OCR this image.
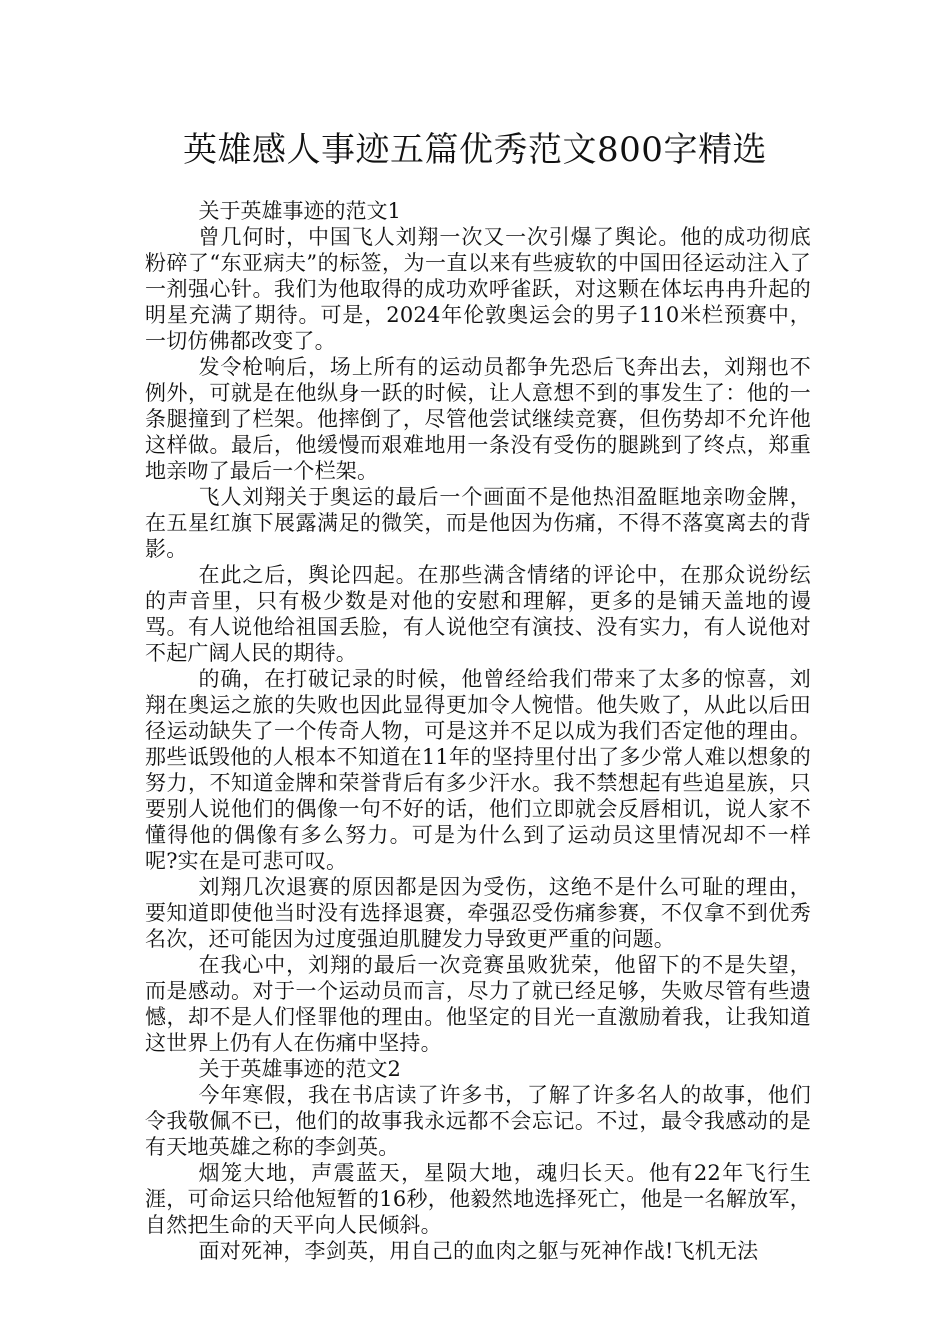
英雄感人事迹五篇优秀范文800字精选

关于英雄事迹的范文1

曾几何时，中国飞人刘翔一次又一次引爆了舆论。他的成功彻底粉碎了“东亚病夫”的标签，为一直以来有些疲软的中国田径运动注入了一剂强心针。我们为他取得的成功欢呼雀跃，对这颗在体坛冉冉升起的明星充满了期待。可是，2024年伦敦奥运会的男子110米栏预赛中，一切仿佛都改变了。

发令枪响后，场上所有的运动员都争先恐后飞奔出去，刘翔也不例外，可就是在他纵身一跃的时候，让人意想不到的事发生了：他的一条腿撞到了栏架。他摔倒了，尽管他尝试继续竞赛，但伤势却不允许他这样做。最后，他缓慢而艰难地用一条没有受伤的腿跳到了终点，郑重地亲吻了最后一个栏架。

飞人刘翔关于奥运的最后一个画面不是他热泪盈眶地亲吻金牌，在五星红旗下展露满足的微笑，而是他因为伤痛，不得不落寞离去的背影。

在此之后，舆论四起。在那些满含情绪的评论中，在那众说纷纭的声音里，只有极少数是对他的安慰和理解，更多的是铺天盖地的谩骂。有人说他给祖国丢脸，有人说他空有演技、没有实力，有人说他对不起广阔人民的期待。

的确，在打破记录的时候，他曾经给我们带来了太多的惊喜，刘翔在奥运之旅的失败也因此显得更加令人惋惜。他失败了，从此以后田径运动缺失了一个传奇人物，可是这并不足以成为我们否定他的理由。那些诋毁他的人根本不知道在11年的坚持里付出了多少常人难以想象的努力，不知道金牌和荣誉背后有多少汗水。我不禁想起有些追星族，只要别人说他们的偶像一句不好的话，他们立即就会反唇相讥，说人家不懂得他的偶像有多么努力。可是为什么到了运动员这里情况却不一样呢?实在是可悲可叹。

刘翔几次退赛的原因都是因为受伤，这绝不是什么可耻的理由，要知道即使他当时没有选择退赛，牵强忍受伤痛参赛，不仅拿不到优秀名次，还可能因为过度强迫肌腱发力导致更严重的问题。

在我心中，刘翔的最后一次竞赛虽败犹荣，他留下的不是失望，而是感动。对于一个运动员而言，尽力了就已经足够，失败尽管有些遗憾，却不是人们怪罪他的理由。他坚定的目光一直激励着我，让我知道这世界上仍有人在伤痛中坚持。

关于英雄事迹的范文2

今年寒假，我在书店读了许多书，了解了许多名人的故事，他们令我敬佩不已，他们的故事我永远都不会忘记。不过，最令我感动的是有天地英雄之称的李剑英。

烟笼大地，声震蓝天，星陨大地，魂归长天。他有22年飞行生涯，可命运只给他短暂的16秒，他毅然地选择死亡，他是一名解放军，自然把生命的天平向人民倾斜。

面对死神，李剑英，用自己的血肉之躯与死神作战!飞机无法
